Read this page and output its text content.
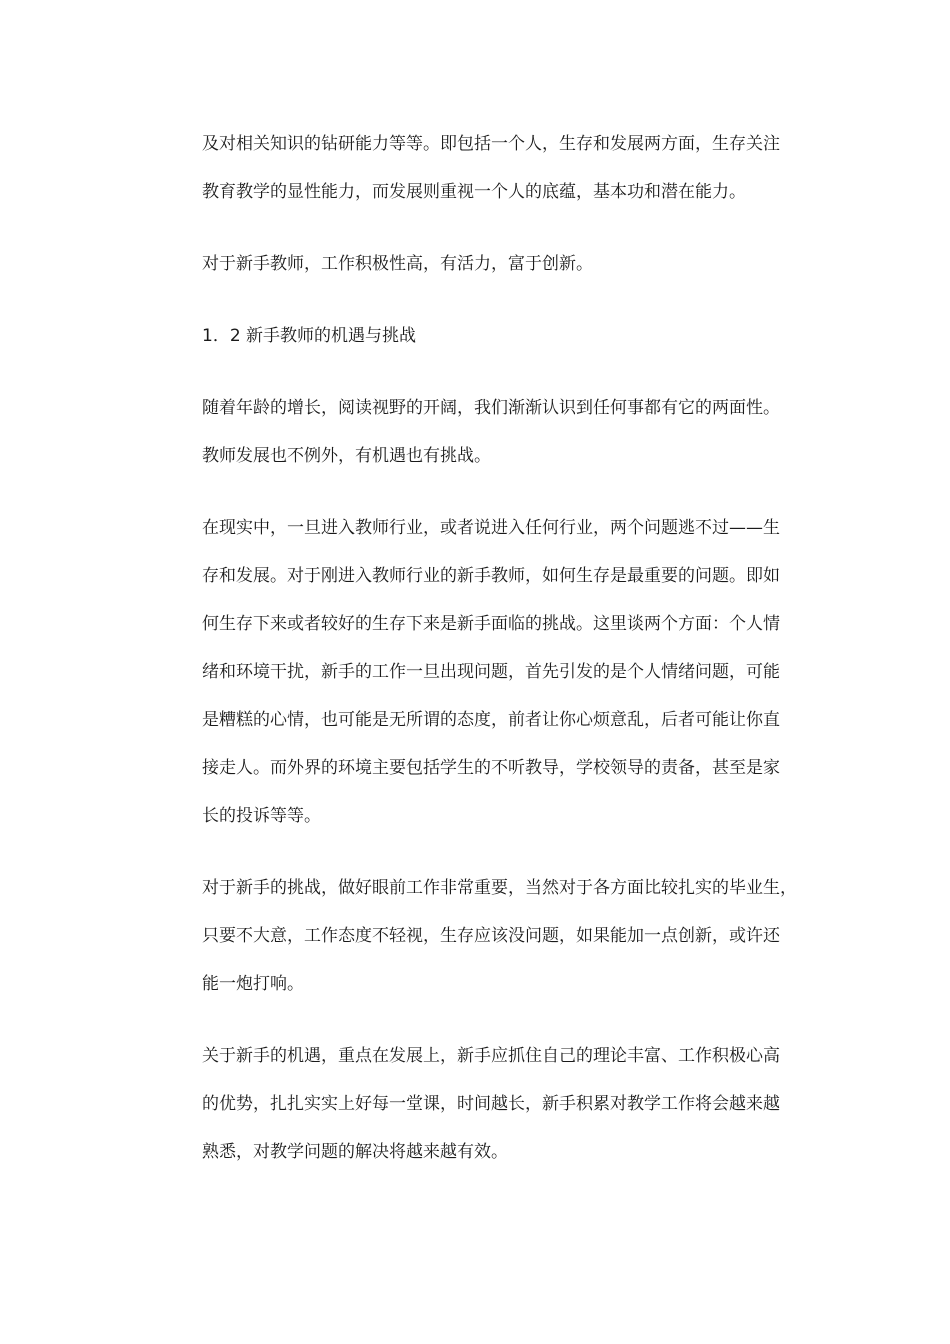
及对相关知识的钻研能力等等。即包括一个人，生存和发展两方面，生存关注
教育教学的显性能力，而发展则重视一个人的底蕴，基本功和潜在能力。

对于新手教师，工作积极性高，有活力，富于创新。

1．2 新手教师的机遇与挑战

随着年龄的增长，阅读视野的开阔，我们渐渐认识到任何事都有它的两面性。
教师发展也不例外，有机遇也有挑战。

在现实中，一旦进入教师行业，或者说进入任何行业，两个问题逃不过——生
存和发展。对于刚进入教师行业的新手教师，如何生存是最重要的问题。即如
何生存下来或者较好的生存下来是新手面临的挑战。这里谈两个方面：个人情
绪和环境干扰，新手的工作一旦出现问题，首先引发的是个人情绪问题，可能
是糟糕的心情，也可能是无所谓的态度，前者让你心烦意乱，后者可能让你直
接走人。而外界的环境主要包括学生的不听教导，学校领导的责备，甚至是家
长的投诉等等。

对于新手的挑战，做好眼前工作非常重要，当然对于各方面比较扎实的毕业生，
只要不大意，工作态度不轻视，生存应该没问题，如果能加一点创新，或许还
能一炮打响。

关于新手的机遇，重点在发展上，新手应抓住自己的理论丰富、工作积极心高
的优势，扎扎实实上好每一堂课，时间越长，新手积累对教学工作将会越来越
熟悉，对教学问题的解决将越来越有效。
